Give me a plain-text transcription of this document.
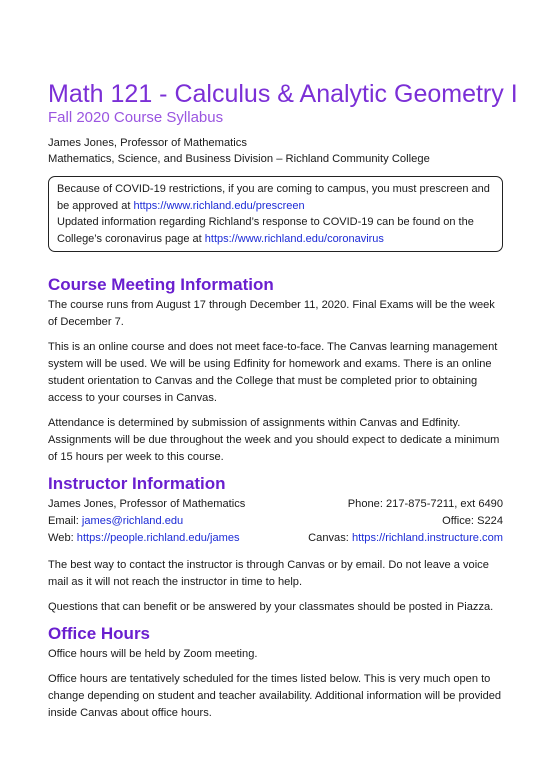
Math 121 - Calculus & Analytic Geometry I
Fall 2020 Course Syllabus
James Jones, Professor of Mathematics
Mathematics, Science, and Business Division – Richland Community College
Because of COVID-19 restrictions, if you are coming to campus, you must prescreen and be approved at https://www.richland.edu/prescreen
Updated information regarding Richland’s response to COVID-19 can be found on the College’s coronavirus page at https://www.richland.edu/coronavirus
Course Meeting Information

The course runs from August 17 through December 11, 2020. Final Exams will be the week of December 7.

This is an online course and does not meet face-to-face. The Canvas learning management system will be used. We will be using Edfinity for homework and exams. There is an online student orientation to Canvas and the College that must be completed prior to obtaining access to your courses in Canvas.

Attendance is determined by submission of assignments within Canvas and Edfinity. Assignments will be due throughout the week and you should expect to dedicate a minimum of 15 hours per week to this course.

Instructor Information
James Jones, Professor of Mathematics	Phone: 217-875-7211, ext 6490
Email: james@richland.edu	Office: S224
Web: https://people.richland.edu/james	Canvas: https://richland.instructure.com

The best way to contact the instructor is through Canvas or by email. Do not leave a voice mail as it will not reach the instructor in time to help.

Questions that can benefit or be answered by your classmates should be posted in Piazza.

Office Hours

Office hours will be held by Zoom meeting.

Office hours are tentatively scheduled for the times listed below. This is very much open to change depending on student and teacher availability. Additional information will be provided inside Canvas about office hours.
